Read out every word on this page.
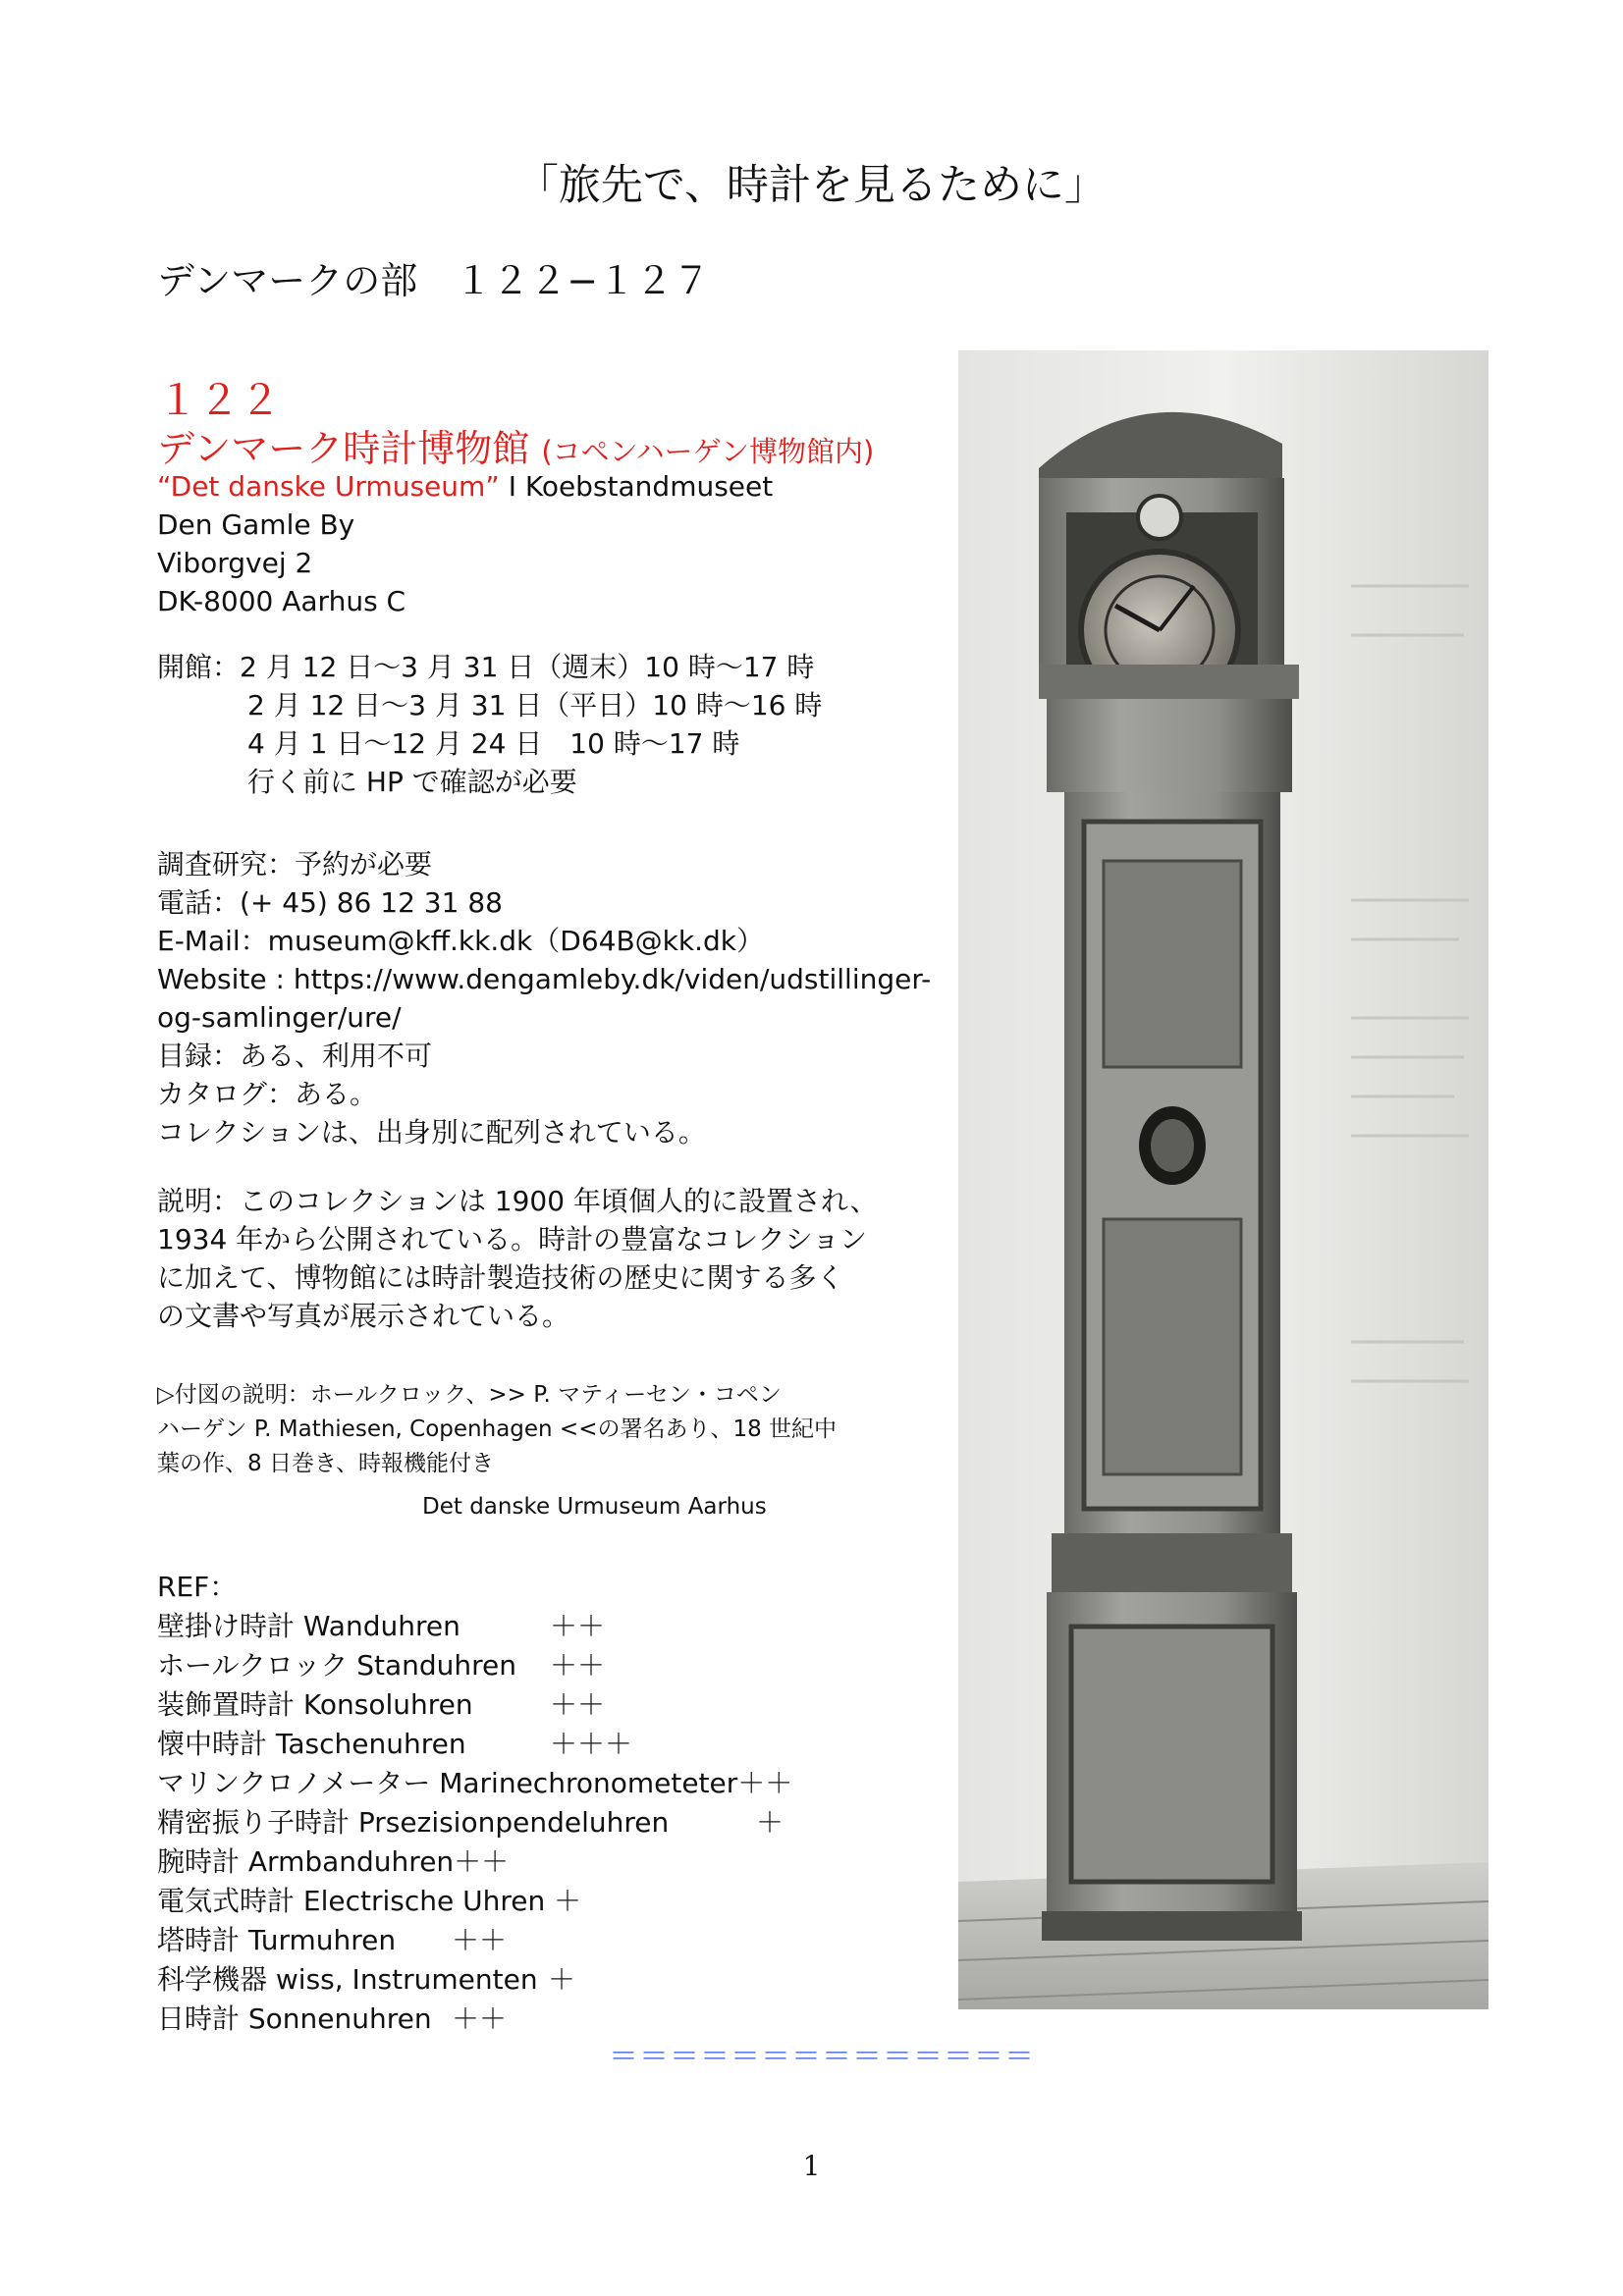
「旅先で、時計を見るために」
デンマークの部　１２２−１２７
１２２
デンマーク時計博物館 (コペンハーゲン博物館内)
“Det danske Urmuseum” I Koebstandmuseet
Den Gamle By
Viborgvej 2
DK-8000 Aarhus C
開館：2 月 12 日〜3 月 31 日（週末）10 時〜17 時
2 月 12 日〜3 月 31 日（平日）10 時〜16 時
4 月 1 日〜12 月 24 日　10 時〜17 時
行く前に HP で確認が必要
調査研究：予約が必要
電話：(+ 45) 86 12 31 88
E-Mail：museum@kff.kk.dk（D64B@kk.dk）
Website : https://www.dengamleby.dk/viden/udstillinger-
og-samlinger/ure/
目録：ある、利用不可
カタログ：ある。
コレクションは、出身別に配列されている。
説明：このコレクションは 1900 年頃個人的に設置され、
1934 年から公開されている。時計の豊富なコレクション
に加えて、博物館には時計製造技術の歴史に関する多く
の文書や写真が展示されている。
▷付図の説明：ホールクロック、>> P. マティーセン・コペン
ハーゲン P. Mathiesen, Copenhagen <<の署名あり、18 世紀中
葉の作、8 日巻き、時報機能付き
Det danske Urmuseum Aarhus
REF：
壁掛け時計 Wanduhren	＋＋
ホールクロック Standuhren ＋＋
装飾置時計 Konsoluhren	＋＋
懐中時計 Taschenuhren	＋＋＋
マリンクロノメーター Marinechronometeter＋＋
精密振り子時計 Prsezisionpendeluhren	＋
腕時計 Armbanduhren＋＋
電気式時計 Electrische Uhren ＋
塔時計 Turmuhren ＋＋
科学機器 wiss, Instrumenten ＋
日時計 Sonnenuhren ＋＋
＝＝＝＝＝＝＝＝＝＝＝＝＝＝
1
